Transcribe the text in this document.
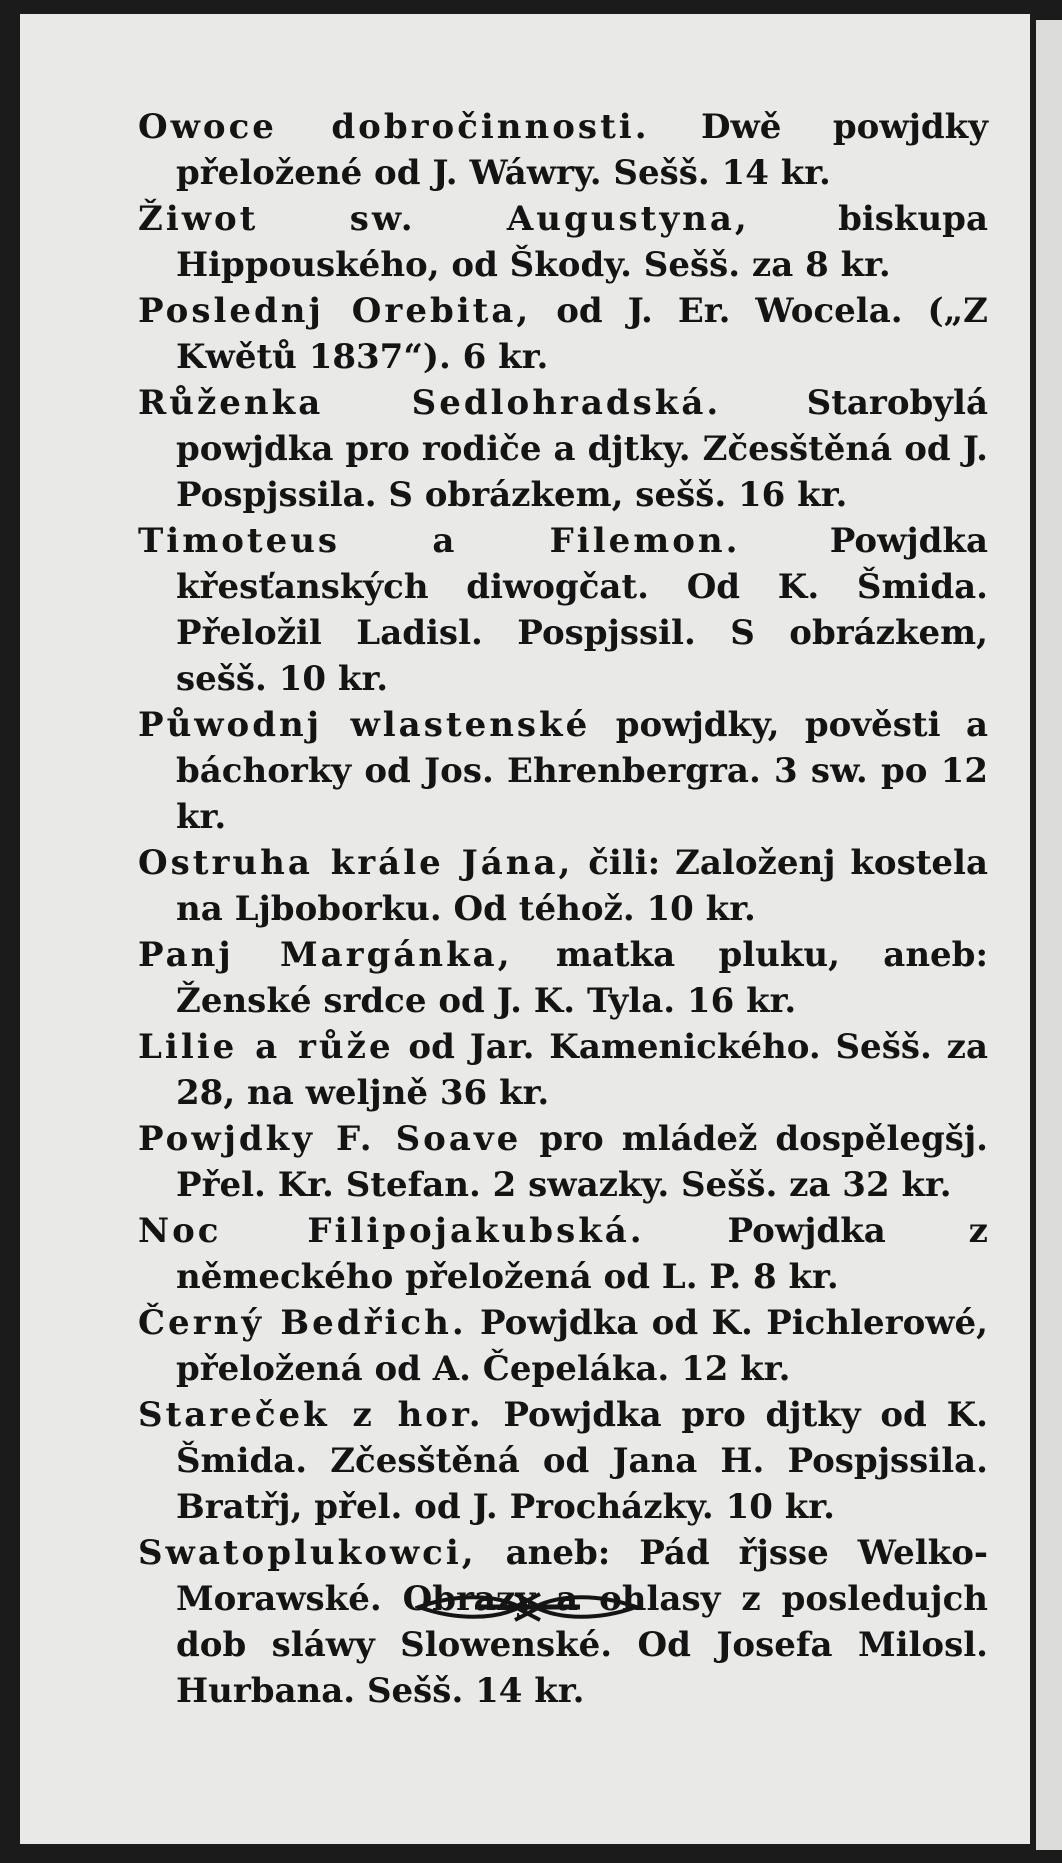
Owoce dobročinnosti. Dwě powjdky přeložené od J. Wáwry. Sešš. 14 kr.
Žiwot sw. Augustyna,	biskupa Hippouského, od Škody. Sešš. za 8 kr.
Poslednj Orebita, od J. Er. Wocela. („Z Kwětů 1837“). 6 kr.
Růženka Sedlohradská.	Starobylá powjdka pro rodiče a djtky. Zčesštěná od J. Pospjssila. S obrázkem, sešš. 16 kr.
Timoteus a Filemon.	Powjdka křesťanských diwogčat. Od K. Šmida. Přeložil Ladisl. Pospjssil. S obrázkem, sešš. 10 kr.
Půwodnj wlastenské powjdky, pověsti a báchorky od Jos. Ehrenbergra. 3 sw. po 12 kr.
Ostruha krále Jána, čili: Založenj kostela na Ljboborku. Od téhož. 10 kr.
Panj Margánka, matka pluku, aneb: Ženské srdce od J. K. Tyla. 16 kr.
Lilie a růže od Jar. Kamenického. Sešš. za 28, na weljně 36 kr.
Powjdky F. Soave pro mládež dospělegšj. Přel. Kr. Stefan. 2 swazky. Sešš. za 32 kr.
Noc Filipojakubská. Powjdka z německého přeložená od L. P. 8 kr.
Černý Bedřich. Powjdka od K. Pichlerowé, přeložená od A. Čepeláka. 12 kr.
Stareček z hor. Powjdka pro djtky od K. Šmida. Zčesštěná od Jana H. Pospjssila. Bratřj, přel. od J. Procházky. 10 kr.
Swatoplukowci, aneb: Pád řjsse Welko-Morawské. Obrazy a ohlasy z posledujch dob sláwy Slowenské. Od Josefa Milosl. Hurbana. Sešš. 14 kr.
